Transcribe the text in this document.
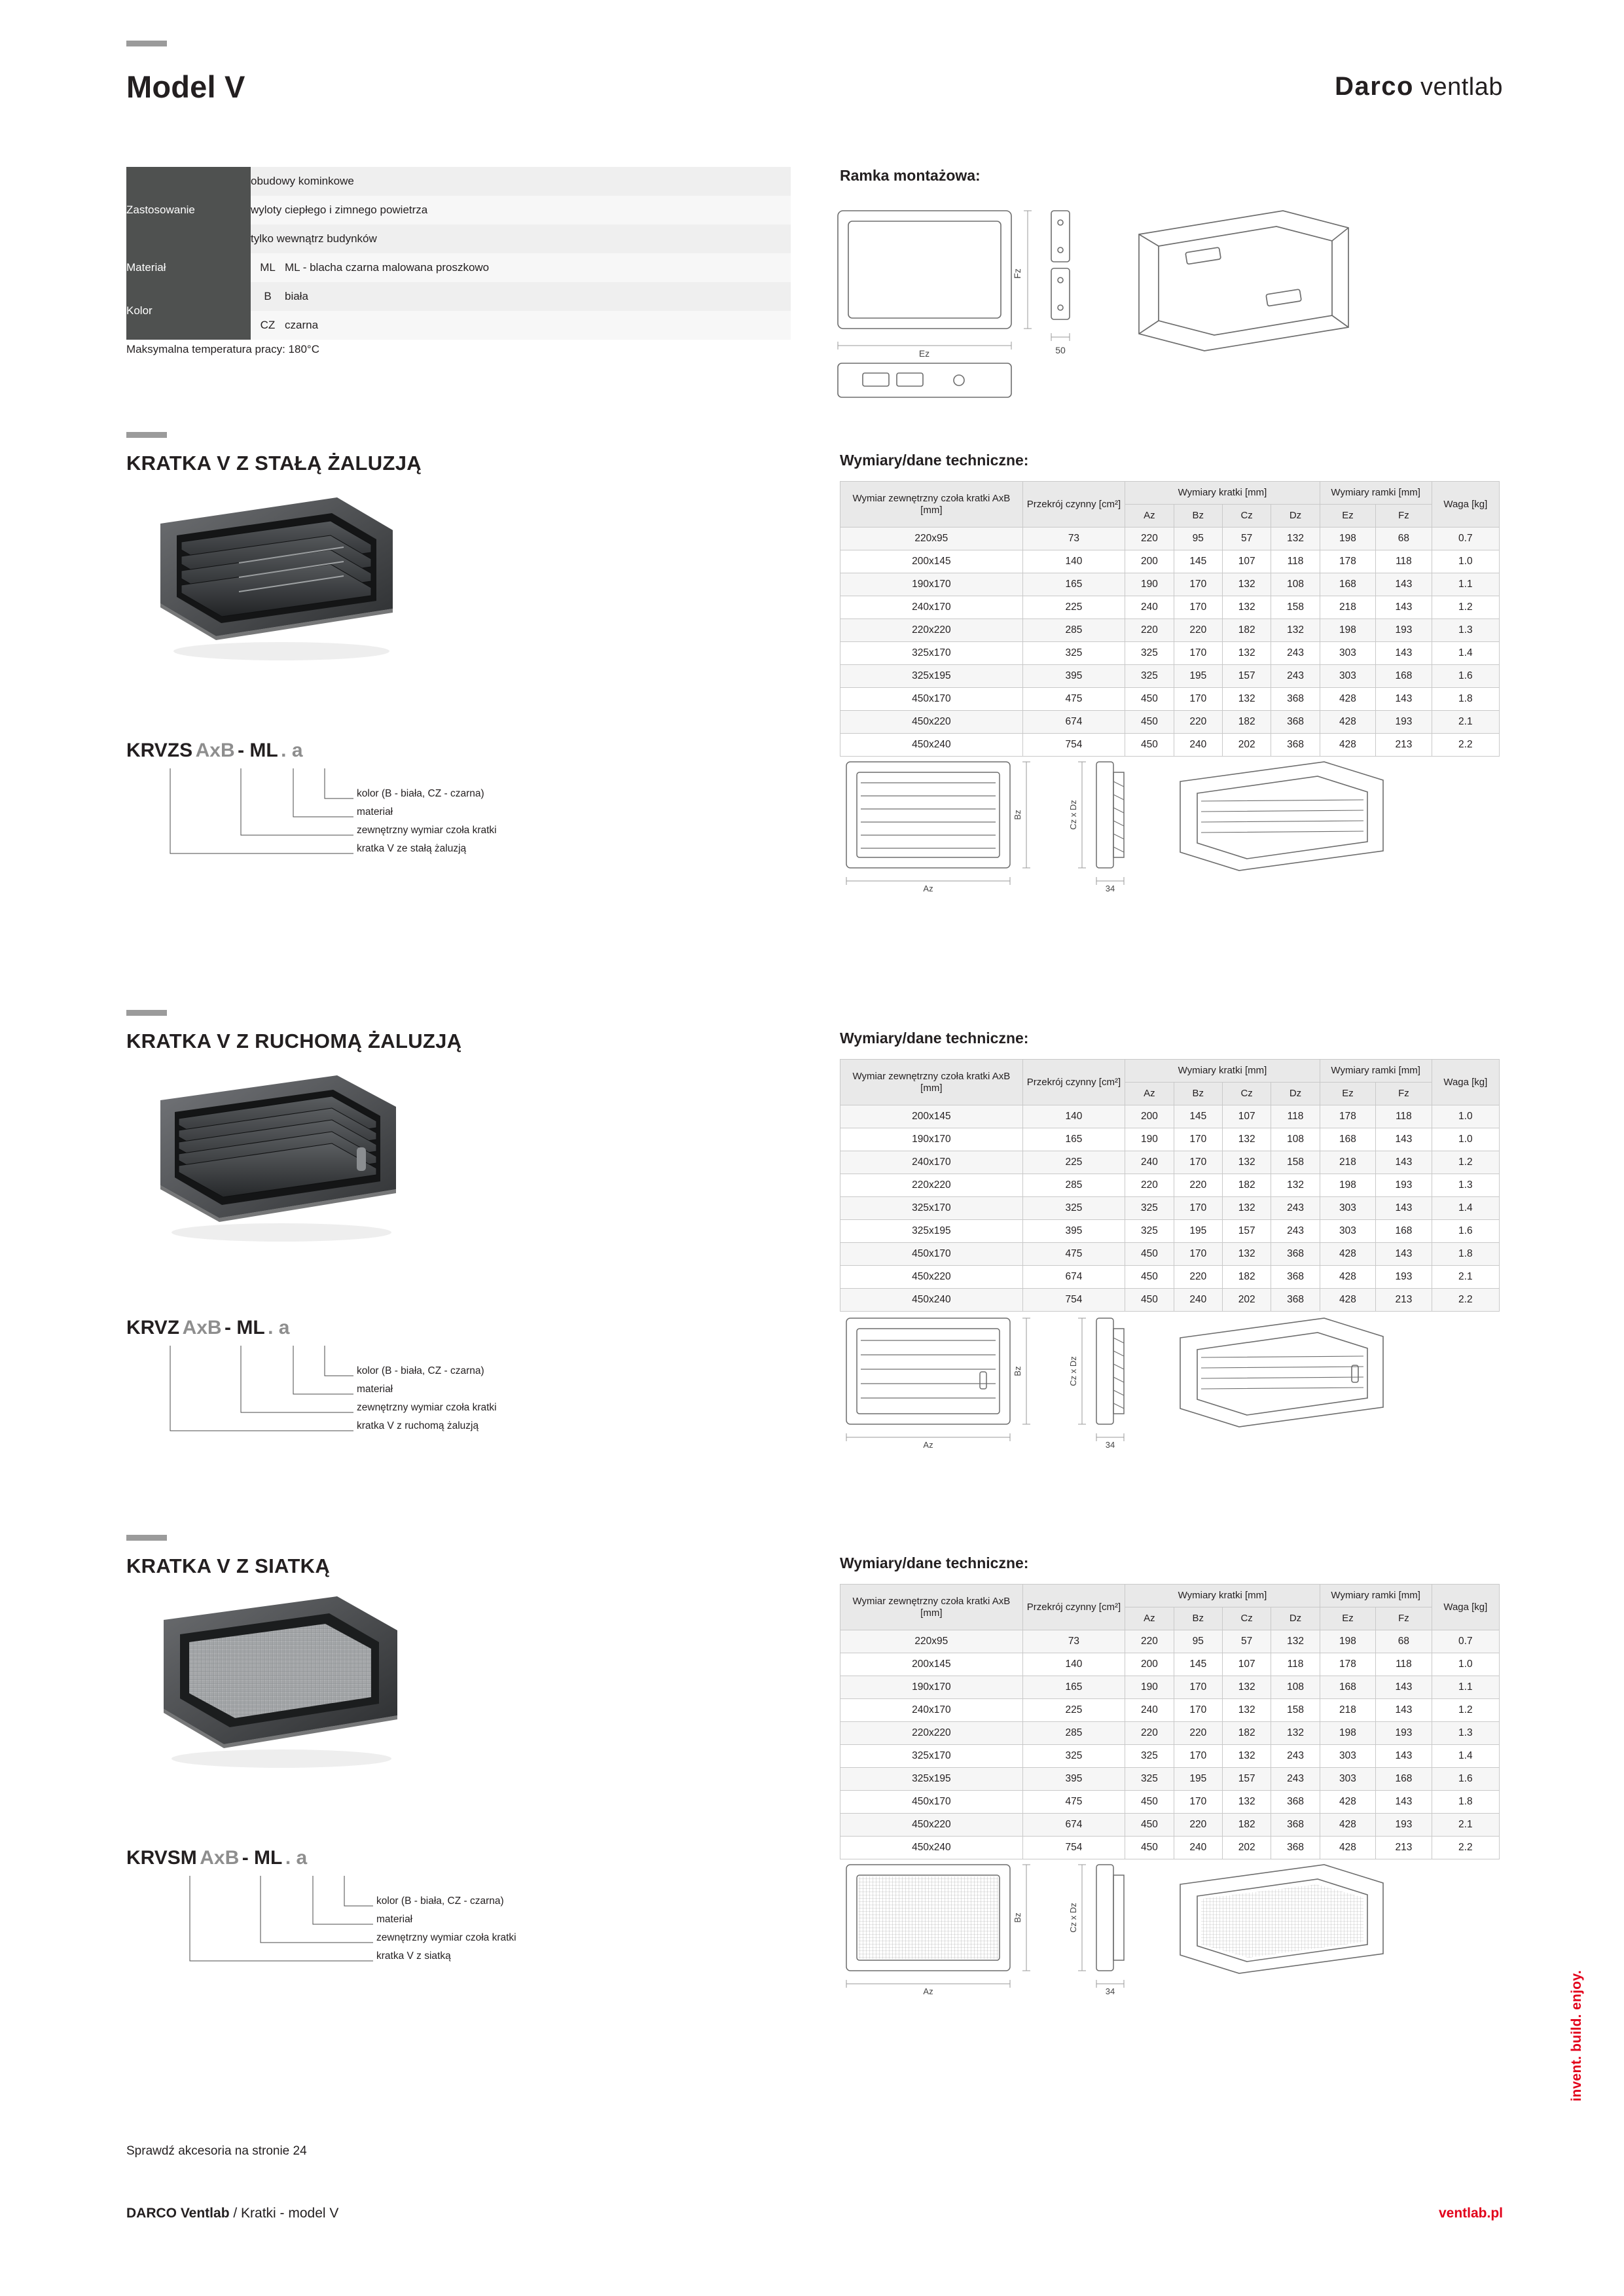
Model V	Darco ventlab
Zastosowanie	obudowy kominkowe	
	wyloty ciepłego i zimnego powietrza	
	tylko wewnątrz budynków	
Materiał	ML	ML - blacha czarna malowana proszkowo
Kolor	B	biała
	CZ	czarna
Maksymalna temperatura pracy: 180°C
Ramka montażowa:
Fz
50
Ez
KRATKA V Z STAŁĄ ŻALUZJĄ
KRVZS AxB - ML . a
kolor (B - biała, CZ - czarna)
materiał
zewnętrzny wymiar czoła kratki
kratka V ze stałą żaluzją
Wymiary/dane techniczne:
Wymiar zewnętrzny czoła kratki AxB [mm]	Przekrój czynny [cm²]	Wymiary kratki [mm]				Wymiary ramki [mm]		Waga [kg]
		Az	Bz	Cz	Dz	Ez	Fz	
220x95	73	220	95	57	132	198	68	0.7
200x145	140	200	145	107	118	178	118	1.0
190x170	165	190	170	132	108	168	143	1.1
240x170	225	240	170	132	158	218	143	1.2
220x220	285	220	220	182	132	198	193	1.3
325x170	325	325	170	132	243	303	143	1.4
325x195	395	325	195	157	243	303	168	1.6
450x170	475	450	170	132	368	428	143	1.8
450x220	674	450	220	182	368	428	193	2.1
450x240	754	450	240	202	368	428	213	2.2
Bz
Az
Cz x Dz
34
KRATKA V Z RUCHOMĄ ŻALUZJĄ
KRVZ AxB - ML . a
kolor (B - biała, CZ - czarna)
materiał
zewnętrzny wymiar czoła kratki
kratka V z ruchomą żaluzją
Wymiary/dane techniczne:
Wymiar zewnętrzny czoła kratki AxB [mm]	Przekrój czynny [cm²]	Wymiary kratki [mm]				Wymiary ramki [mm]		Waga [kg]
		Az	Bz	Cz	Dz	Ez	Fz	
200x145	140	200	145	107	118	178	118	1.0
190x170	165	190	170	132	108	168	143	1.0
240x170	225	240	170	132	158	218	143	1.2
220x220	285	220	220	182	132	198	193	1.3
325x170	325	325	170	132	243	303	143	1.4
325x195	395	325	195	157	243	303	168	1.6
450x170	475	450	170	132	368	428	143	1.8
450x220	674	450	220	182	368	428	193	2.1
450x240	754	450	240	202	368	428	213	2.2
Bz
Az
Cz x Dz
34
KRATKA V Z SIATKĄ
KRVSM AxB - ML . a
kolor (B - biała, CZ - czarna)
materiał
zewnętrzny wymiar czoła kratki
kratka V z siatką
Wymiary/dane techniczne:
Wymiar zewnętrzny czoła kratki AxB [mm]	Przekrój czynny [cm²]	Wymiary kratki [mm]				Wymiary ramki [mm]		Waga [kg]
		Az	Bz	Cz	Dz	Ez	Fz	
220x95	73	220	95	57	132	198	68	0.7
200x145	140	200	145	107	118	178	118	1.0
190x170	165	190	170	132	108	168	143	1.1
240x170	225	240	170	132	158	218	143	1.2
220x220	285	220	220	182	132	198	193	1.3
325x170	325	325	170	132	243	303	143	1.4
325x195	395	325	195	157	243	303	168	1.6
450x170	475	450	170	132	368	428	143	1.8
450x220	674	450	220	182	368	428	193	2.1
450x240	754	450	240	202	368	428	213	2.2
Bz
Az
Cz x Dz
34	invent. build. enjoy.
Sprawdź akcesoria na stronie 24
DARCO Ventlab / Kratki - model V	ventlab.pl
